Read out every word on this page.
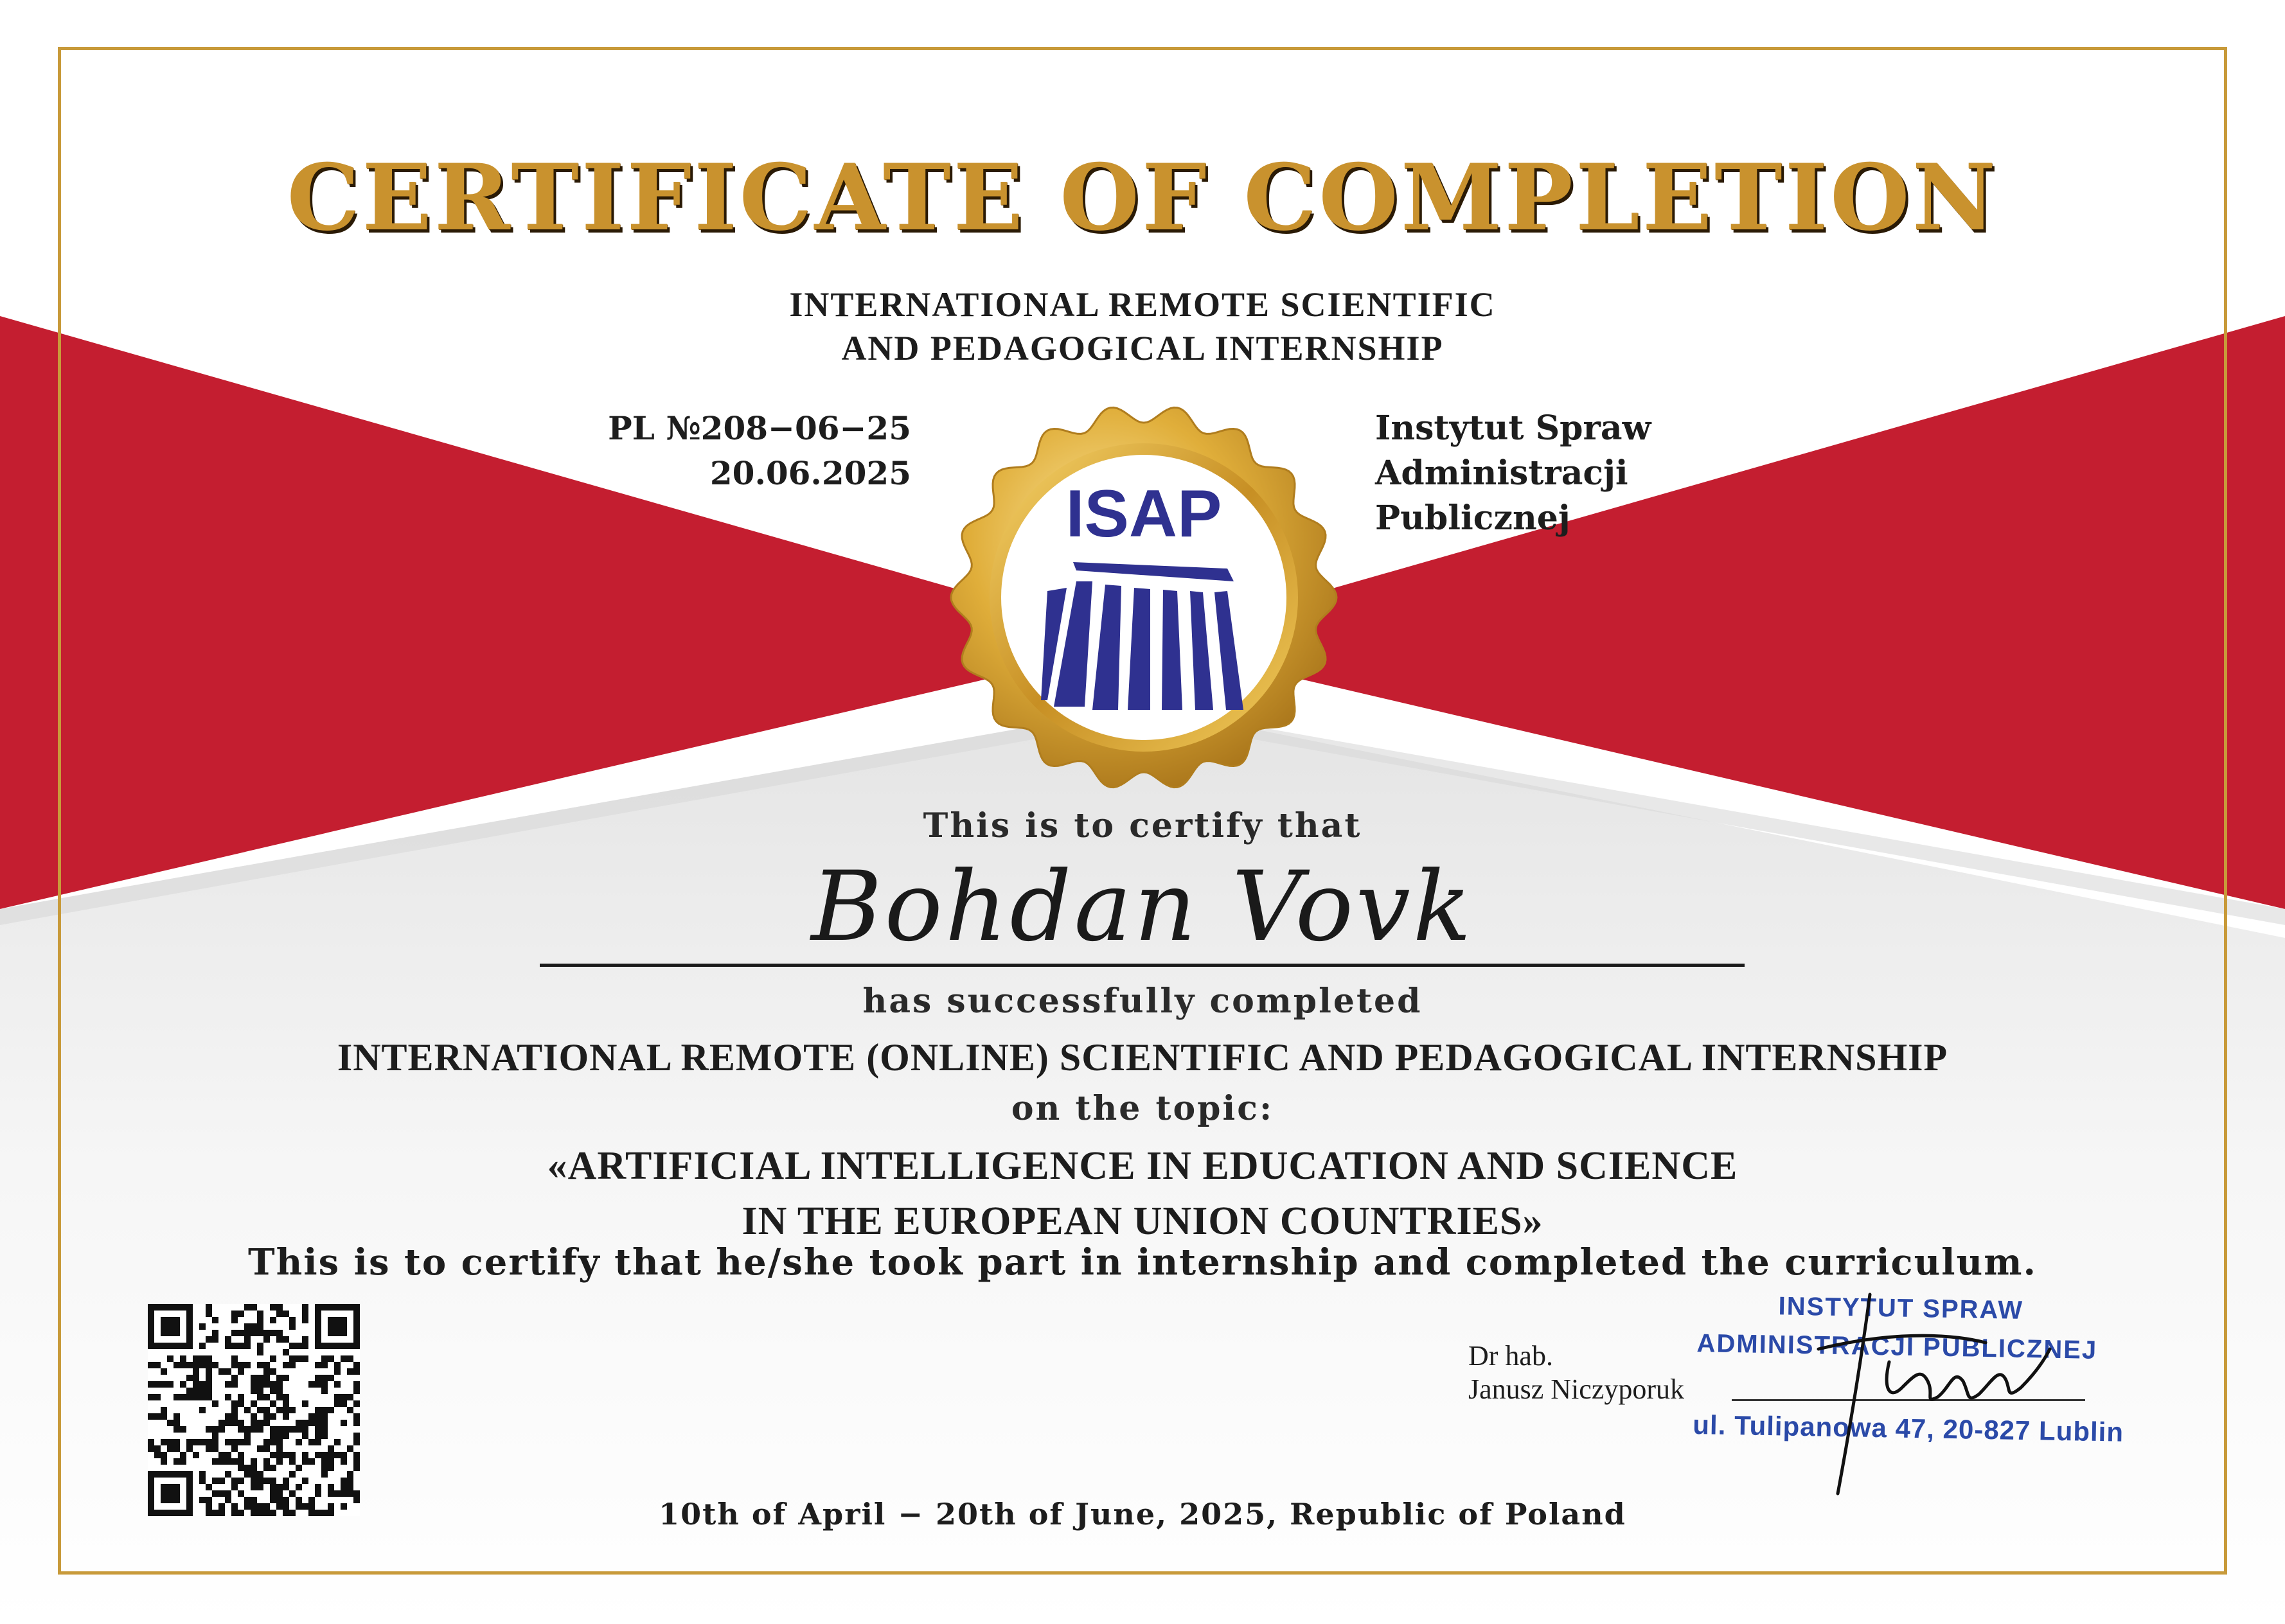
CERTIFICATE OF COMPLETION
INTERNATIONAL REMOTE SCIENTIFIC
AND PEDAGOGICAL INTERNSHIP
PL №208−06−25
20.06.2025
Instytut Spraw
Administracji
Publicznej
ISAP
This is to certify that
Bohdan Vovk
has successfully completed
INTERNATIONAL REMOTE (ONLINE) SCIENTIFIC AND PEDAGOGICAL INTERNSHIP
on the topic:
«ARTIFICIAL INTELLIGENCE IN EDUCATION AND SCIENCE
IN THE EUROPEAN UNION COUNTRIES»
This is to certify that he/she took part in internship and completed the curriculum.
Dr hab.
Janusz Niczyporuk
INSTYTUT SPRAW
ADMINISTRACJI PUBLICZNEJ
ul. Tulipanowa 47, 20-827 Lublin
10th of April − 20th of June, 2025, Republic of Poland
